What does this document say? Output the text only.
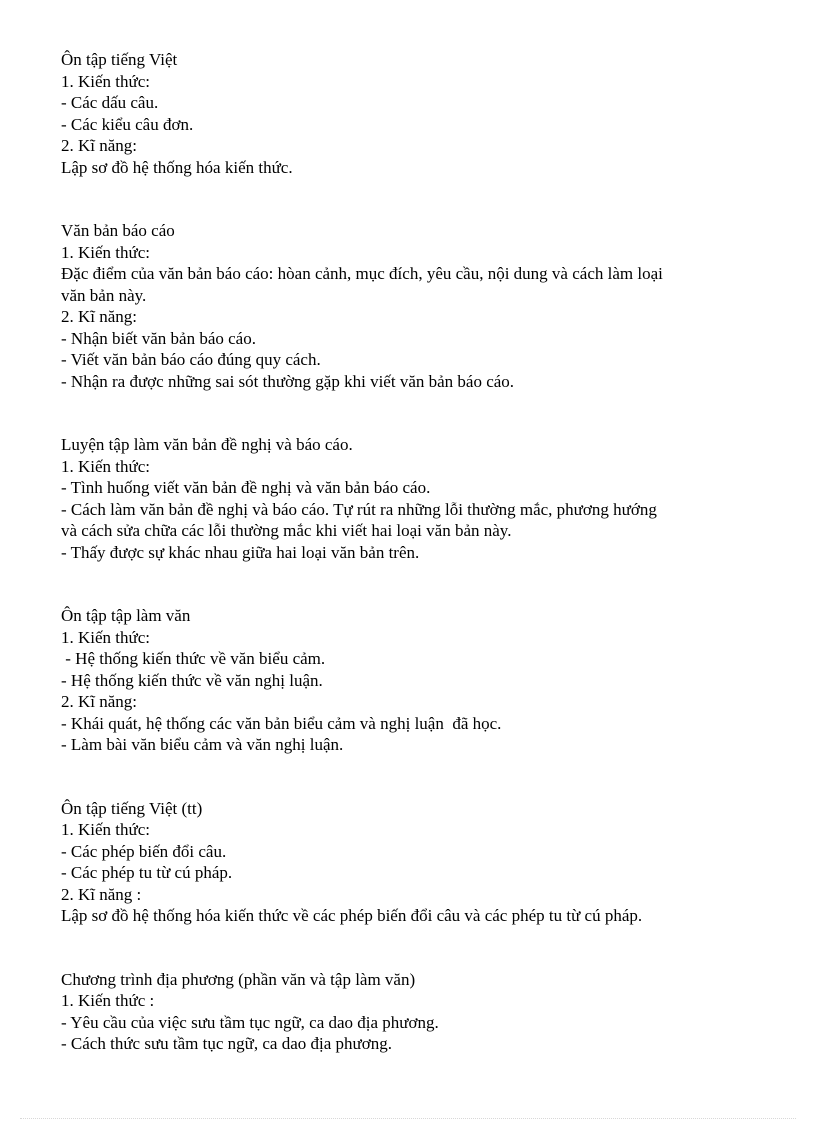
Ôn tập tiếng Việt
1. Kiến thức:
- Các dấu câu.
- Các kiểu câu đơn.
2. Kĩ năng:
Lập sơ đồ hệ thống hóa kiến thức.
Văn bản báo cáo
1. Kiến thức:
Đặc điểm của văn bản báo cáo: hòan cảnh, mục đích, yêu cầu, nội dung và cách làm loại
văn bản này.
2. Kĩ năng:
- Nhận biết văn bản báo cáo.
- Viết văn bản báo cáo đúng quy cách.
- Nhận ra được những sai sót thường gặp khi viết văn bản báo cáo.
Luyện tập làm văn bản đề nghị và báo cáo.
1. Kiến thức:
- Tình huống viết văn bản đề nghị và văn bản báo cáo.
- Cách làm văn bản đề nghị và báo cáo. Tự rút ra những lỗi thường mắc, phương hướng
và cách sửa chữa các lỗi thường mắc khi viết hai loại văn bản này.
- Thấy được sự khác nhau giữa hai loại văn bản trên.
Ôn tập tập làm văn
1. Kiến thức:
- Hệ thống kiến thức về văn biểu cảm.
- Hệ thống kiến thức về văn nghị luận.
2. Kĩ năng:
- Khái quát, hệ thống các văn bản biểu cảm và nghị luận  đã học.
- Làm bài văn biểu cảm và văn nghị luận.
Ôn tập tiếng Việt (tt)
1. Kiến thức:
- Các phép biến đổi câu.
- Các phép tu từ cú pháp.
2. Kĩ năng :
Lập sơ đồ hệ thống hóa kiến thức về các phép biến đổi câu và các phép tu từ cú pháp.
Chương trình địa phương (phần văn và tập làm văn)
1. Kiến thức :
- Yêu cầu của việc sưu tầm tục ngữ, ca dao địa phương.
- Cách thức sưu tầm tục ngữ, ca dao địa phương.
